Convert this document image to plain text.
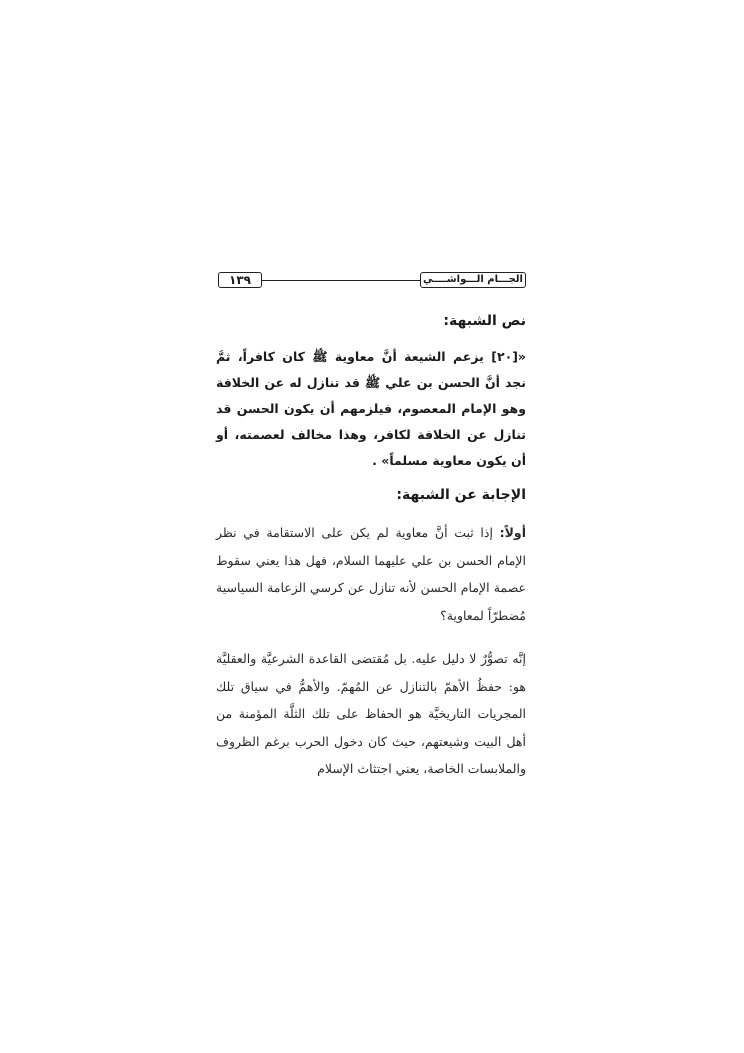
١٣٩	الجـــام الـــواشــــي
نص الشبهة:
«[٢٠] يزعم الشيعة أنَّ معاوية ﷺ كان كافراً، ثمَّ نجد أنَّ الحسن بن علي ﷺ قد تنازل له عن الخلافة وهو الإمام المعصوم، فيلزمهم أن يكون الحسن قد تنازل عن الخلافة لكافر، وهذا مخالف لعصمته، أو أن يكون معاوية مسلماً» .
الإجابة عن الشبهة:
أولاً: إذا ثبت أنَّ معاوية لم يكن على الاستقامة في نظر الإمام الحسن بن علي عليهما السلام، فهل هذا يعني سقوط عصمة الإمام الحسن لأنه تنازل عن كرسي الزعامة السياسية مُضطرّاً لمعاوية؟
إنَّه تصوُّرٌ لا دليل عليه. بل مُقتضى القاعدة الشرعيَّة والعقليَّة هو: حفظُ الأهمّ بالتنازل عن المُهمّ. والأهمُّ في سياق تلك المجريات التاريخيَّة هو الحفاظ على تلك الثلَّة المؤمنة من أهل البيت وشيعتهم، حيث كان دخول الحرب برغم الظروف والملابسات الخاصة، يعني اجتثاث الإسلام
